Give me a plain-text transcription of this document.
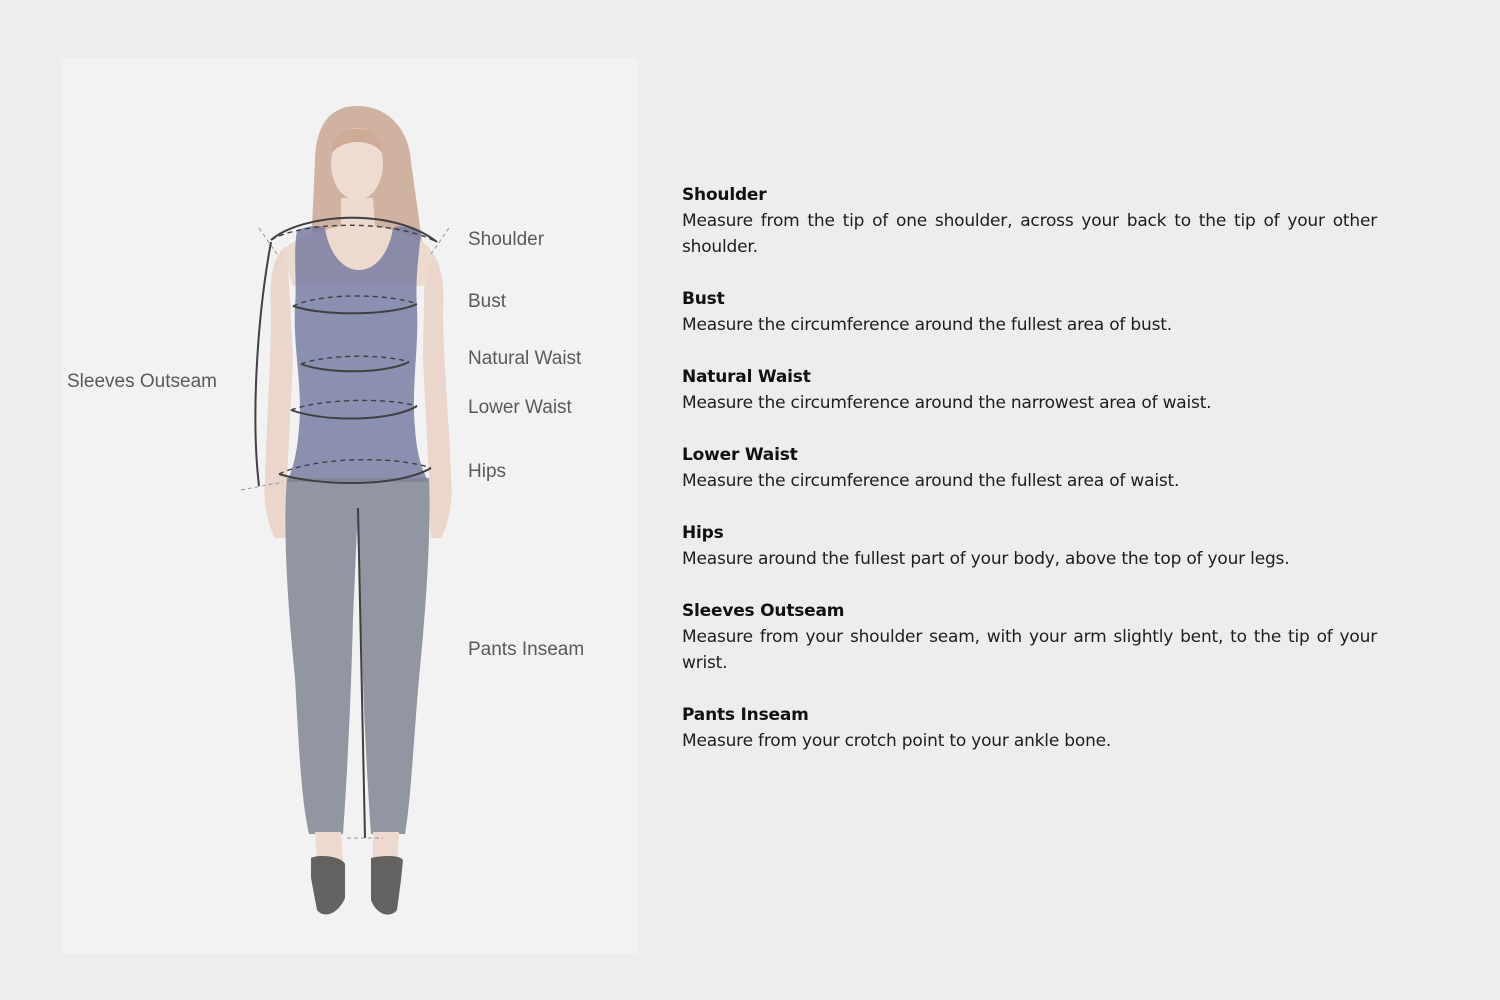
Shoulder
Bust
Natural Waist
Lower Waist
Hips
Sleeves Outseam
Pants Inseam
Shoulder
Measure from the tip of one shoulder, across your back to the tip of your other shoulder.
Bust
Measure the circumference around the fullest area of bust.
Natural Waist
Measure the circumference around the narrowest area of waist.
Lower Waist
Measure the circumference around the fullest area of waist.
Hips
Measure around the fullest part of your body, above the top of your legs.
Sleeves Outseam
Measure from your shoulder seam, with your arm slightly bent, to the tip of your wrist.
Pants Inseam
Measure from your crotch point to your ankle bone.
